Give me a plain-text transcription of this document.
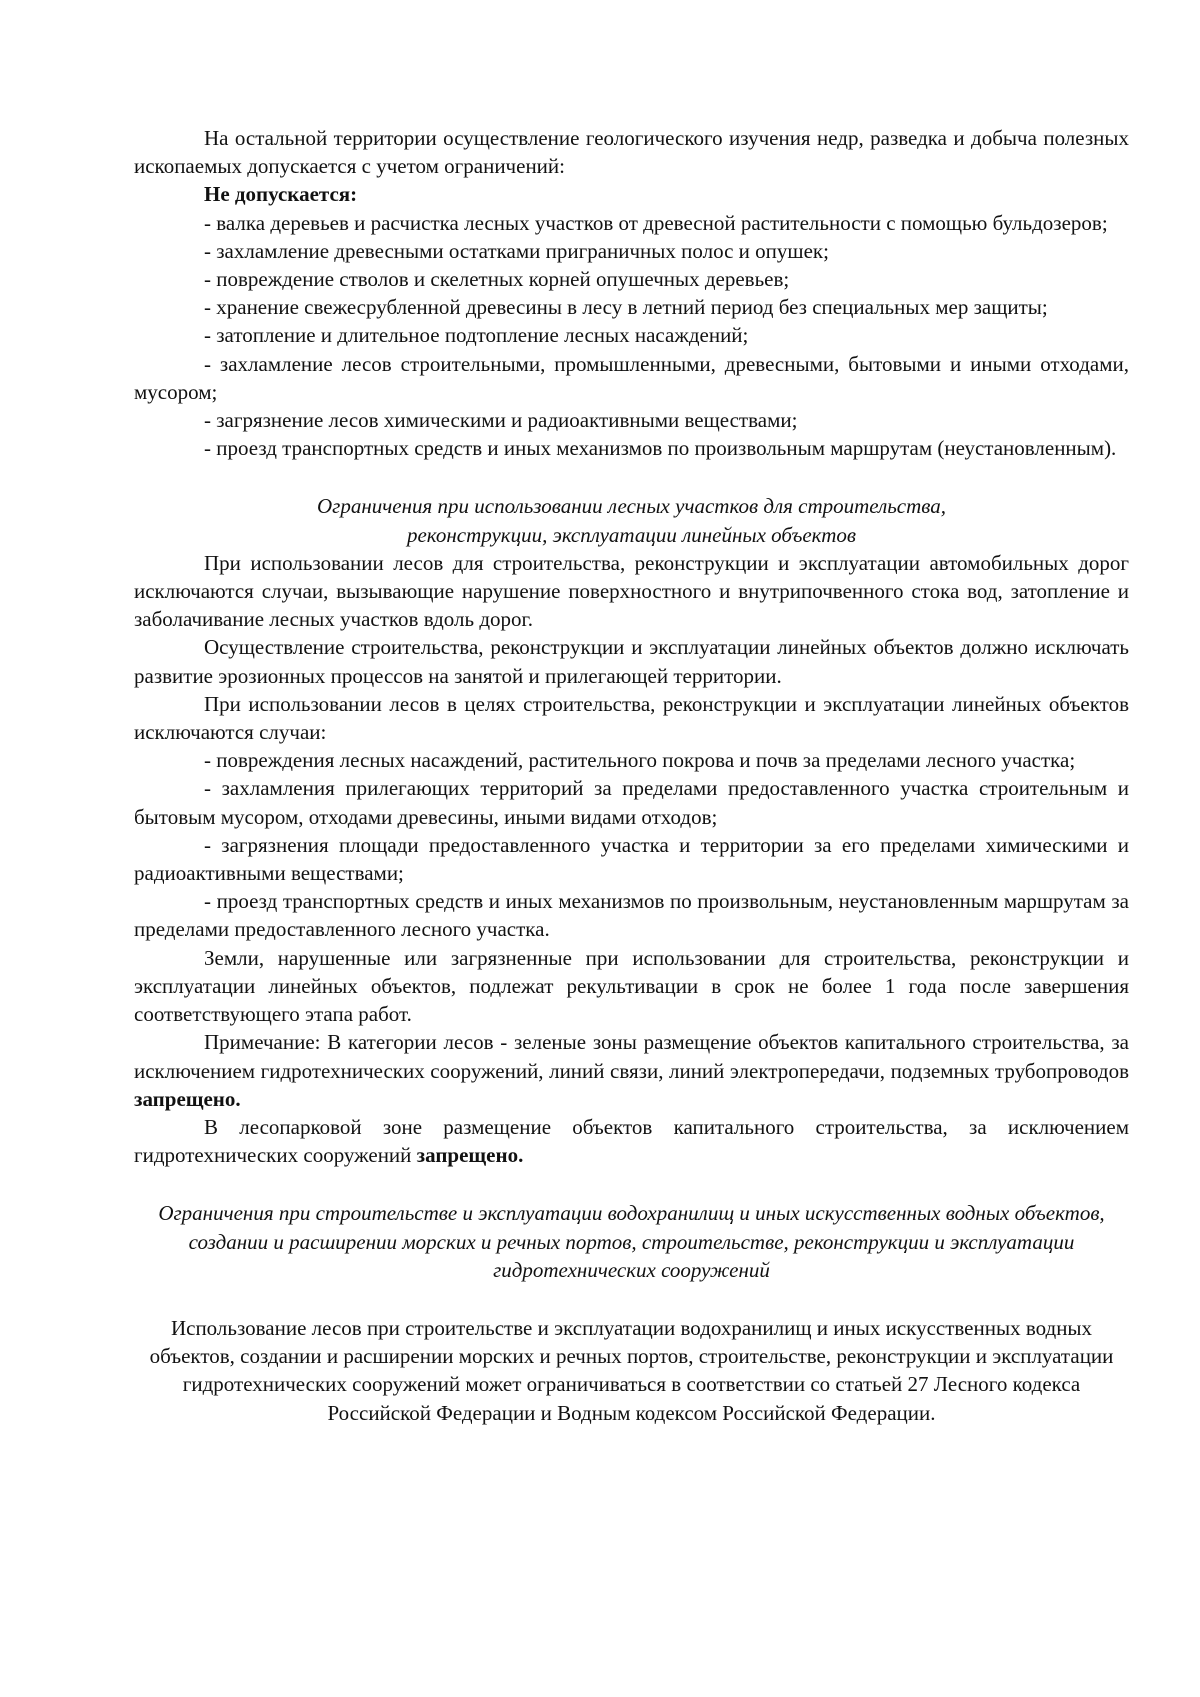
На остальной территории осуществление геологического изучения недр, разведка и добыча полезных ископаемых допускается с учетом ограничений:

Не допускается:

- валка деревьев и расчистка лесных участков от древесной растительности с помощью бульдозеров;

- захламление древесными остатками приграничных полос и опушек;

- повреждение стволов и скелетных корней опушечных деревьев;

- хранение свежесрубленной древесины в лесу в летний период без специальных мер защиты;

- затопление и длительное подтопление лесных насаждений;

- захламление лесов строительными, промышленными, древесными, бытовыми и иными отходами, мусором;

- загрязнение лесов химическими и радиоактивными веществами;

- проезд транспортных средств и иных механизмов по произвольным маршрутам (неустановленным).

Ограничения при использовании лесных участков для строительства,
реконструкции, эксплуатации линейных объектов

При использовании лесов для строительства, реконструкции и эксплуатации автомобильных дорог исключаются случаи, вызывающие нарушение поверхностного и внутрипочвенного стока вод, затопление и заболачивание лесных участков вдоль дорог.

Осуществление строительства, реконструкции и эксплуатации линейных объектов должно исключать развитие эрозионных процессов на занятой и прилегающей территории.

При использовании лесов в целях строительства, реконструкции и эксплуатации линейных объектов исключаются случаи:

- повреждения лесных насаждений, растительного покрова и почв за пределами лесного участка;

- захламления прилегающих территорий за пределами предоставленного участка строительным и бытовым мусором, отходами древесины, иными видами отходов;

- загрязнения площади предоставленного участка и территории за его пределами химическими и радиоактивными веществами;

- проезд транспортных средств и иных механизмов по произвольным, неустановленным маршрутам за пределами предоставленного лесного участка.

Земли, нарушенные или загрязненные при использовании для строительства, реконструкции и эксплуатации линейных объектов, подлежат рекультивации в срок не более 1 года после завершения соответствующего этапа работ.

Примечание: В категории лесов - зеленые зоны размещение объектов капитального строительства, за исключением гидротехнических сооружений, линий связи, линий электропередачи, подземных трубопроводов запрещено.

В лесопарковой зоне размещение объектов капитального строительства, за исключением гидротехнических сооружений запрещено.

Ограничения при строительстве и эксплуатации водохранилищ и иных искусственных водных объектов, создании и расширении морских и речных портов, строительстве, реконструкции и эксплуатации гидротехнических сооружений

Использование лесов при строительстве и эксплуатации водохранилищ и иных искусственных водных объектов, создании и расширении морских и речных портов, строительстве, реконструкции и эксплуатации гидротехнических сооружений может ограничиваться в соответствии со статьей 27 Лесного кодекса Российской Федерации и Водным кодексом Российской Федерации.
